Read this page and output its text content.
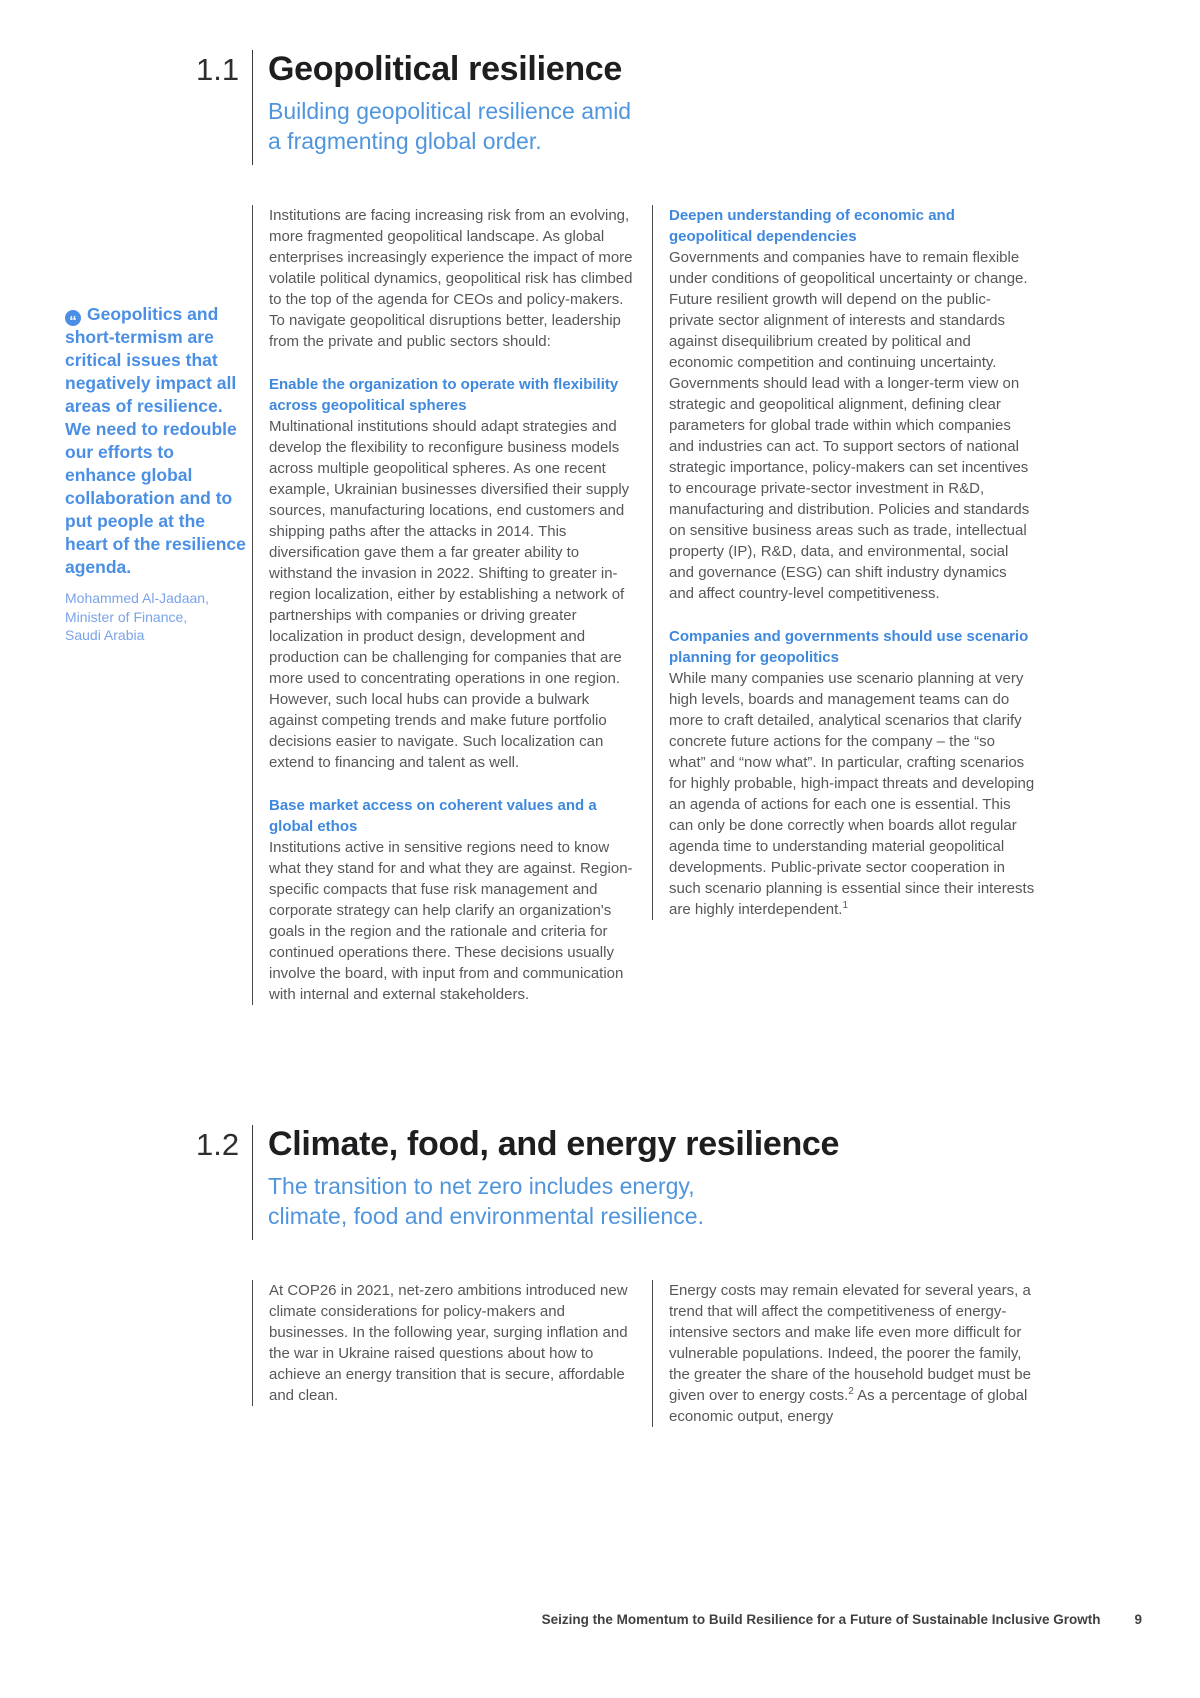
1.1 Geopolitical resilience
Building geopolitical resilience amid
a fragmenting global order.

“ Geopolitics and short-termism are critical issues that negatively impact all areas of resilience. We need to redouble our efforts to enhance global collaboration and to put people at the heart of the resilience agenda.

Mohammed Al-Jadaan,
Minister of Finance,
Saudi Arabia

Institutions are facing increasing risk from an evolving, more fragmented geopolitical landscape. As global enterprises increasingly experience the impact of more volatile political dynamics, geopolitical risk has climbed to the top of the agenda for CEOs and policy-makers. To navigate geopolitical disruptions better, leadership from the private and public sectors should:

Enable the organization to operate with flexibility across geopolitical spheres

Multinational institutions should adapt strategies and develop the flexibility to reconfigure business models across multiple geopolitical spheres. As one recent example, Ukrainian businesses diversified their supply sources, manufacturing locations, end customers and shipping paths after the attacks in 2014. This diversification gave them a far greater ability to withstand the invasion in 2022. Shifting to greater in-region localization, either by establishing a network of partnerships with companies or driving greater localization in product design, development and production can be challenging for companies that are more used to concentrating operations in one region. However, such local hubs can provide a bulwark against competing trends and make future portfolio decisions easier to navigate. Such localization can extend to financing and talent as well.

Base market access on coherent values and a global ethos

Institutions active in sensitive regions need to know what they stand for and what they are against. Region-specific compacts that fuse risk management and corporate strategy can help clarify an organization's goals in the region and the rationale and criteria for continued operations there. These decisions usually involve the board, with input from and communication with internal and external stakeholders.

Deepen understanding of economic and geopolitical dependencies

Governments and companies have to remain flexible under conditions of geopolitical uncertainty or change. Future resilient growth will depend on the public-private sector alignment of interests and standards against disequilibrium created by political and economic competition and continuing uncertainty. Governments should lead with a longer-term view on strategic and geopolitical alignment, defining clear parameters for global trade within which companies and industries can act. To support sectors of national strategic importance, policy-makers can set incentives to encourage private-sector investment in R&D, manufacturing and distribution. Policies and standards on sensitive business areas such as trade, intellectual property (IP), R&D, data, and environmental, social and governance (ESG) can shift industry dynamics and affect country-level competitiveness.

Companies and governments should use scenario planning for geopolitics

While many companies use scenario planning at very high levels, boards and management teams can do more to craft detailed, analytical scenarios that clarify concrete future actions for the company – the “so what” and “now what”. In particular, crafting scenarios for highly probable, high-impact threats and developing an agenda of actions for each one is essential. This can only be done correctly when boards allot regular agenda time to understanding material geopolitical developments. Public-private sector cooperation in such scenario planning is essential since their interests are highly interdependent.$^1$

1.2 Climate, food, and energy resilience
The transition to net zero includes energy,
climate, food and environmental resilience.

At COP26 in 2021, net-zero ambitions introduced new climate considerations for policy-makers and businesses. In the following year, surging inflation and the war in Ukraine raised questions about how to achieve an energy transition that is secure, affordable and clean.

Energy costs may remain elevated for several years, a trend that will affect the competitiveness of energy-intensive sectors and make life even more difficult for vulnerable populations. Indeed, the poorer the family, the greater the share of the household budget must be given over to energy costs.$^2$ As a percentage of global economic output, energy

Seizing the Momentum to Build Resilience for a Future of Sustainable Inclusive Growth	9
